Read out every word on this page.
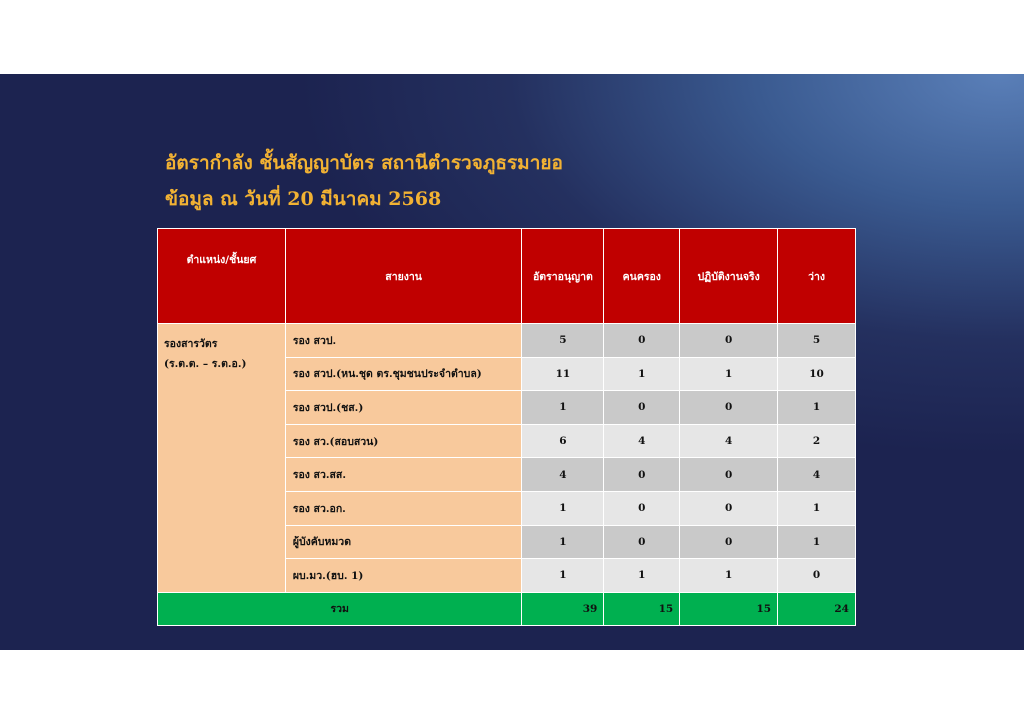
อัตรากำลัง ชั้นสัญญาบัตร สถานีตำรวจภูธรมายอ
ข้อมูล ณ วันที่ 20 มีนาคม 2568
ตำแหน่ง/ชั้นยศ	สายงาน	อัตราอนุญาต	คนครอง	ปฏิบัติงานจริง	ว่าง

รองสารวัตร
(ร.ต.ต. – ร.ต.อ.)	รอง สวป.	5	0	0	5
	รอง สวป.(หน.ชุด ตร.ชุมชนประจำตำบล)	11	1	1	10
	รอง สวป.(ชส.)	1	0	0	1
	รอง สว.(สอบสวน)	6	4	4	2
	รอง สว.สส.	4	0	0	4
	รอง สว.อก.	1	0	0	1
	ผู้บังคับหมวด	1	0	0	1
	ผบ.มว.(ฮบ. 1)	1	1	1	0
รวม		39	15	15	24
